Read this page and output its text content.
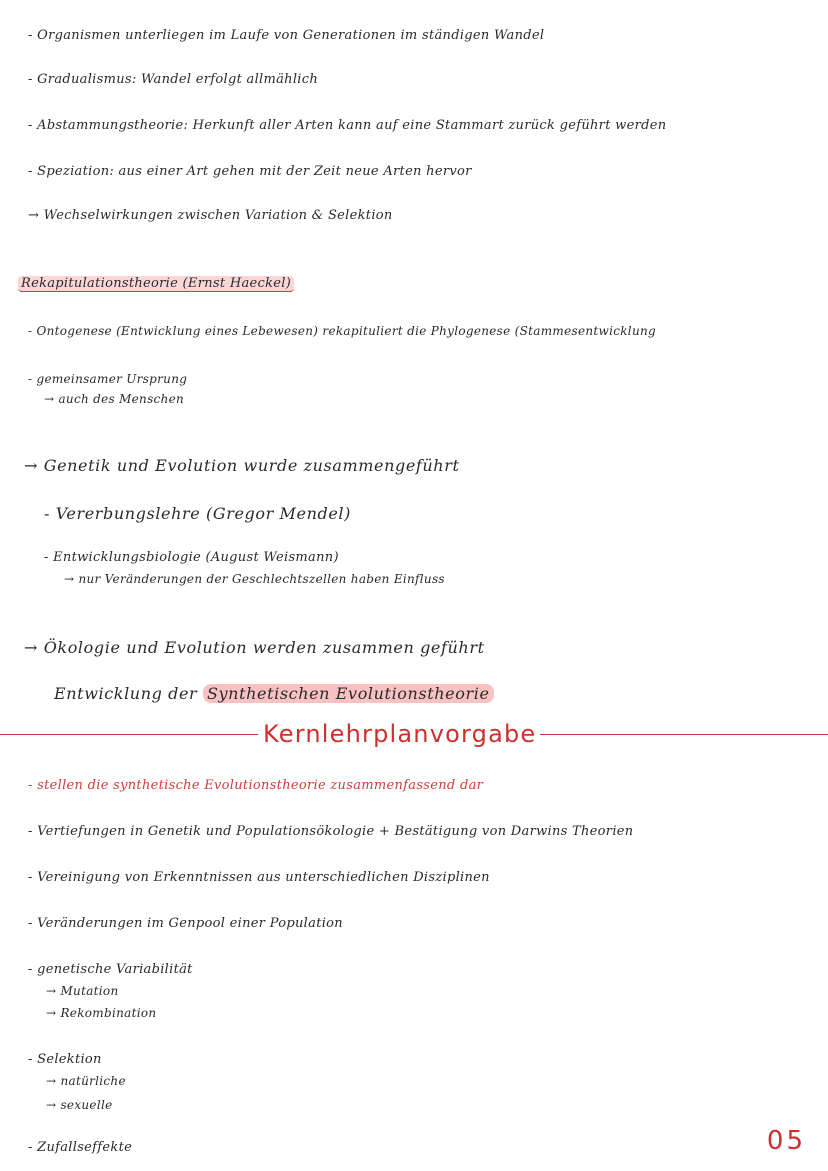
- Organismen unterliegen im Laufe von Generationen im ständigen Wandel
- Gradualismus: Wandel erfolgt allmählich
- Abstammungstheorie: Herkunft aller Arten kann auf eine Stammart zurück geführt werden
- Speziation: aus einer Art gehen mit der Zeit neue Arten hervor
→ Wechselwirkungen zwischen Variation & Selektion
Rekapitulationstheorie (Ernst Haeckel)
- Ontogenese (Entwicklung eines Lebewesen) rekapituliert die Phylogenese (Stammesentwicklung
- gemeinsamer Ursprung
→ auch des Menschen
→ Genetik und Evolution wurde zusammengeführt
- Vererbungslehre (Gregor Mendel)
- Entwicklungsbiologie (August Weismann)
→ nur Veränderungen der Geschlechtszellen haben Einfluss
→ Ökologie und Evolution werden zusammen geführt
Entwicklung der Synthetischen Evolutionstheorie
Kernlehrplanvorgabe
- stellen die synthetische Evolutionstheorie zusammenfassend dar
- Vertiefungen in Genetik und Populationsökologie + Bestätigung von Darwins Theorien
- Vereinigung von Erkenntnissen aus unterschiedlichen Disziplinen
- Veränderungen im Genpool einer Population
- genetische Variabilität
→ Mutation
→ Rekombination
- Selektion
→ natürliche
→ sexuelle
- Zufallseffekte	05
